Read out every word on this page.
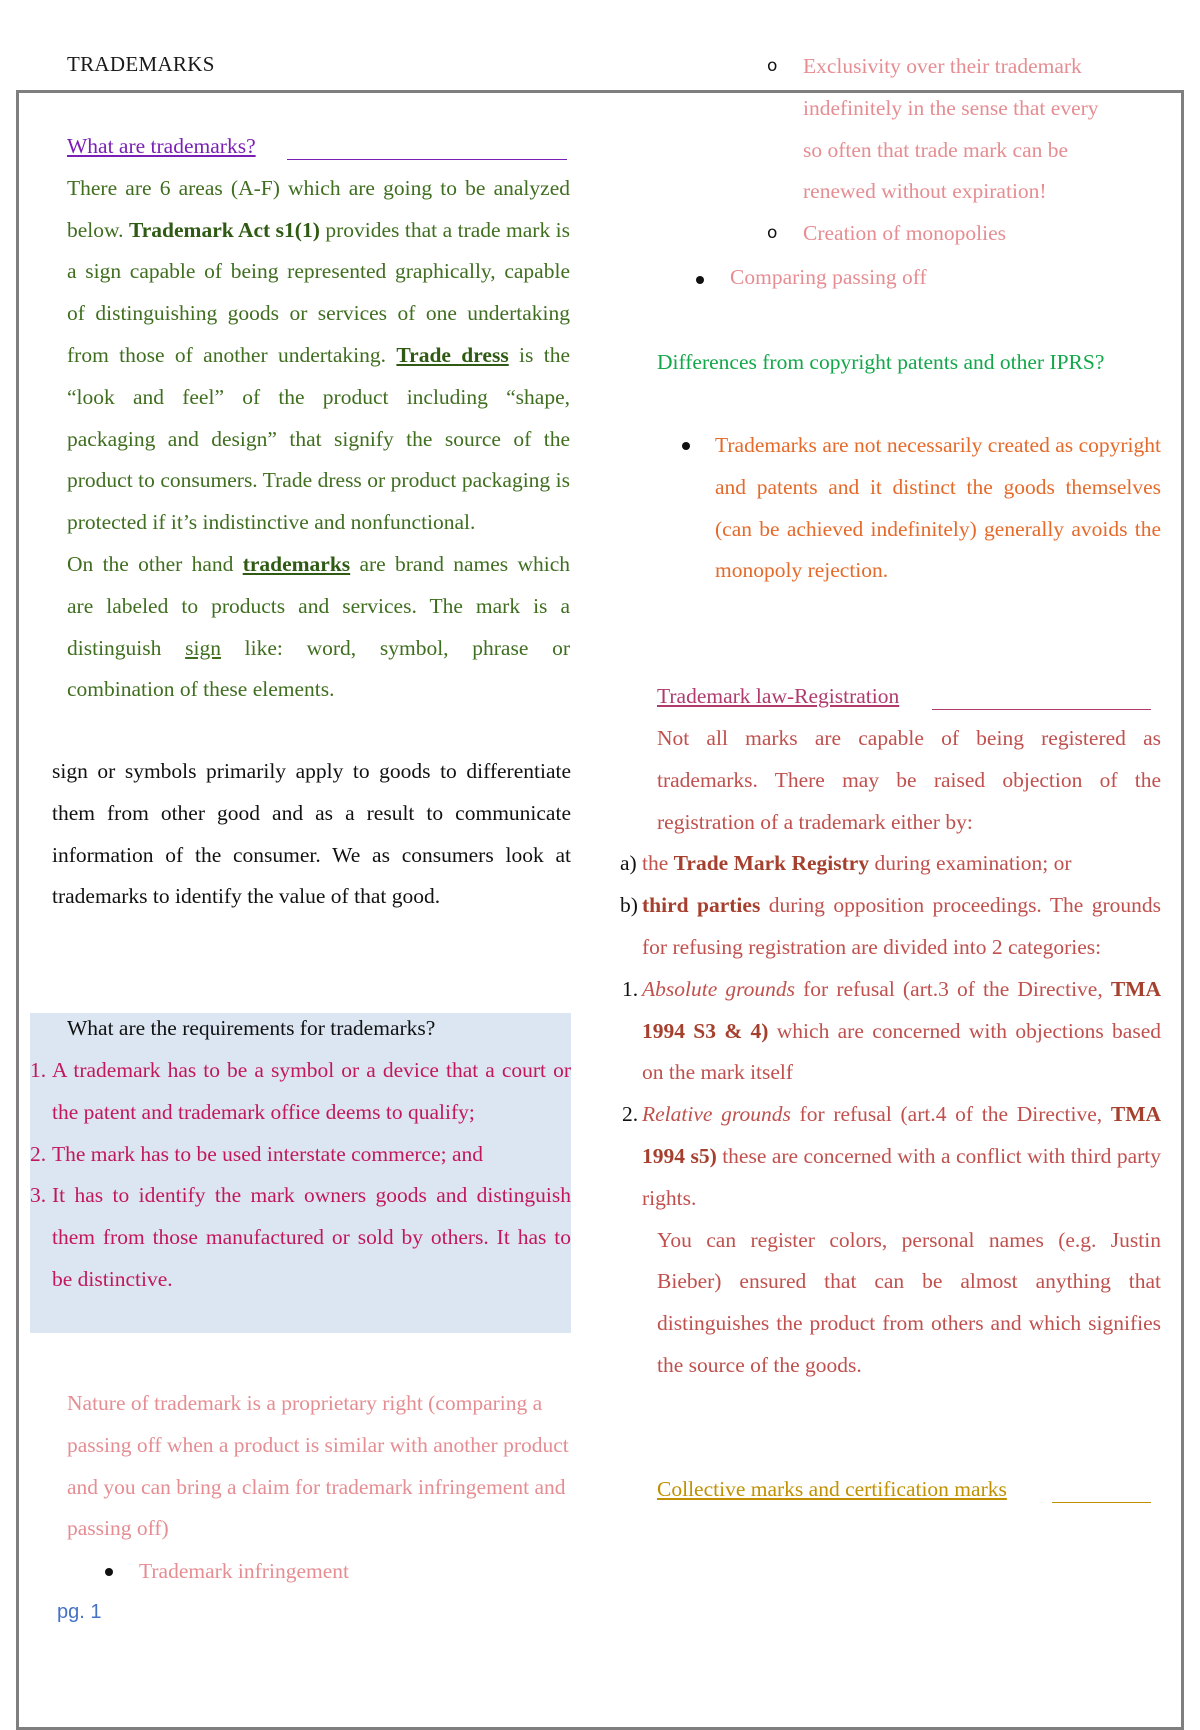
TRADEMARKS
What are trademarks?

There are 6 areas (A-F) which are going to be analyzed below. Trademark Act s1(1) provides that a trade mark is a sign capable of being represented graphically, capable of distinguishing goods or services of one undertaking from those of another undertaking. Trade dress is the “look and feel” of the product including “shape, packaging and design” that signify the source of the product to consumers. Trade dress or product packaging is protected if it’s indistinctive and nonfunctional.

On the other hand trademarks are brand names which are labeled to products and services. The mark is a distinguish sign like: word, symbol, phrase or combination of these elements.

sign or symbols primarily apply to goods to differentiate them from other good and as a result to communicate information of the consumer. We as consumers look at trademarks to identify the value of that good.

What are the requirements for trademarks?
1. A trademark has to be a symbol or a device that a court or the patent and trademark office deems to qualify;

2. The mark has to be used interstate commerce; and

3. It has to identify the mark owners goods and distinguish them from those manufactured or sold by others. It has to be distinctive.

Nature of trademark is a proprietary right (comparing a passing off when a product is similar with another product and you can bring a claim for trademark infringement and passing off)

Trademark infringement
o Exclusivity over their trademark indefinitely in the sense that every so often that trade mark can be renewed without expiration!

o Creation of monopolies

Comparing passing off

Differences from copyright patents and other IPRS?

Trademarks are not necessarily created as copyright and patents and it distinct the goods themselves (can be achieved indefinitely) generally avoids the monopoly rejection.

Trademark law-Registration

Not all marks are capable of being registered as trademarks. There may be raised objection of the registration of a trademark either by:

a) the Trade Mark Registry during examination; or

b) third parties during opposition proceedings. The grounds for refusing registration are divided into 2 categories:

1. Absolute grounds for refusal (art.3 of the Directive, TMA 1994 S3 & 4) which are concerned with objections based on the mark itself

2. Relative grounds for refusal (art.4 of the Directive, TMA 1994 s5) these are concerned with a conflict with third party rights.

You can register colors, personal names (e.g. Justin Bieber) ensured that can be almost anything that distinguishes the product from others and which signifies the source of the goods.

Collective marks and certification marks
pg. 1
